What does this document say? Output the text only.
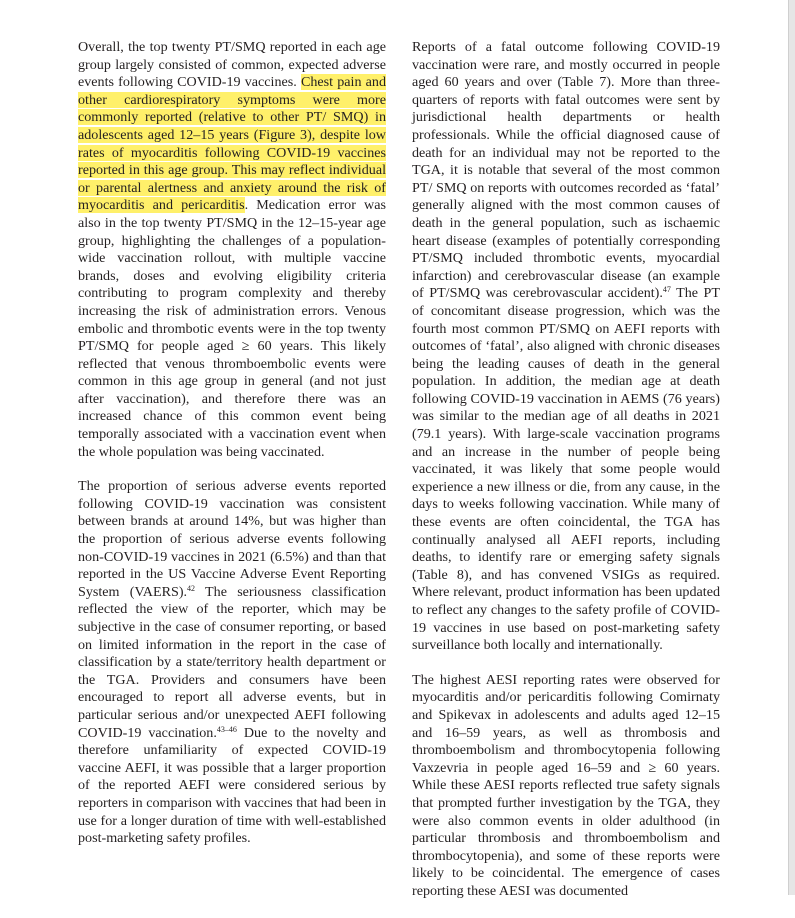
Overall, the top twenty PT/SMQ reported in each age group largely consisted of common, expected adverse events following COVID-19 vaccines. Chest pain and other cardiorespiratory symptoms were more commonly reported (relative to other PT/ SMQ) in adolescents aged 12–15 years (Figure 3), despite low rates of myocarditis following COVID-19 vaccines reported in this age group. This may reflect individual or parental alertness and anxiety around the risk of myocarditis and pericarditis. Medication error was also in the top twenty PT/SMQ in the 12–15-year age group, highlighting the challenges of a population-wide vaccination rollout, with multiple vaccine brands, doses and evolving eligibility criteria contributing to program complexity and thereby increasing the risk of administration errors. Venous embolic and thrombotic events were in the top twenty PT/SMQ for people aged ≥ 60 years. This likely reflected that venous thromboembolic events were common in this age group in general (and not just after vaccination), and therefore there was an increased chance of this common event being temporally associated with a vaccination event when the whole population was being vaccinated.

The proportion of serious adverse events reported following COVID-19 vaccination was consistent between brands at around 14%, but was higher than the proportion of serious adverse events following non-COVID-19 vaccines in 2021 (6.5%) and than that reported in the US Vaccine Adverse Event Reporting System (VAERS).$^{42}$ The seriousness classification reflected the view of the reporter, which may be subjective in the case of consumer reporting, or based on limited information in the report in the case of classification by a state/territory health department or the TGA. Providers and consumers have been encouraged to report all adverse events, but in particular serious and/or unexpected AEFI following COVID-19 vaccination.$^{43-46}$ Due to the novelty and therefore unfamiliarity of expected COVID-19 vaccine AEFI, it was possible that a larger proportion of the reported AEFI were considered serious by reporters in comparison with vaccines that had been in use for a longer duration of time with well-established post-marketing safety profiles.

Reports of a fatal outcome following COVID-19 vaccination were rare, and mostly occurred in people aged 60 years and over (Table 7). More than three-quarters of reports with fatal outcomes were sent by jurisdictional health departments or health professionals. While the official diagnosed cause of death for an individual may not be reported to the TGA, it is notable that several of the most common PT/ SMQ on reports with outcomes recorded as ‘fatal’ generally aligned with the most common causes of death in the general population, such as ischaemic heart disease (examples of potentially corresponding PT/SMQ included thrombotic events, myocardial infarction) and cerebrovascular disease (an example of PT/SMQ was cerebrovascular accident).$^{47}$ The PT of concomitant disease progression, which was the fourth most common PT/SMQ on AEFI reports with outcomes of ‘fatal’, also aligned with chronic diseases being the leading causes of death in the general population. In addition, the median age at death following COVID-19 vaccination in AEMS (76 years) was similar to the median age of all deaths in 2021 (79.1 years). With large-scale vaccination programs and an increase in the number of people being vaccinated, it was likely that some people would experience a new illness or die, from any cause, in the days to weeks following vaccination. While many of these events are often coincidental, the TGA has continually analysed all AEFI reports, including deaths, to identify rare or emerging safety signals (Table 8), and has convened VSIGs as required. Where relevant, product information has been updated to reflect any changes to the safety profile of COVID-19 vaccines in use based on post-marketing safety surveillance both locally and internationally.

The highest AESI reporting rates were observed for myocarditis and/or pericarditis following Comirnaty and Spikevax in adolescents and adults aged 12–15 and 16–59 years, as well as thrombosis and thromboembolism and thrombocytopenia following Vaxzevria in people aged 16–59 and ≥ 60 years. While these AESI reports reflected true safety signals that prompted further investigation by the TGA, they were also common events in older adulthood (in particular thrombosis and thromboembolism and thrombocytopenia), and some of these reports were likely to be coincidental. The emergence of cases reporting these AESI was documented
